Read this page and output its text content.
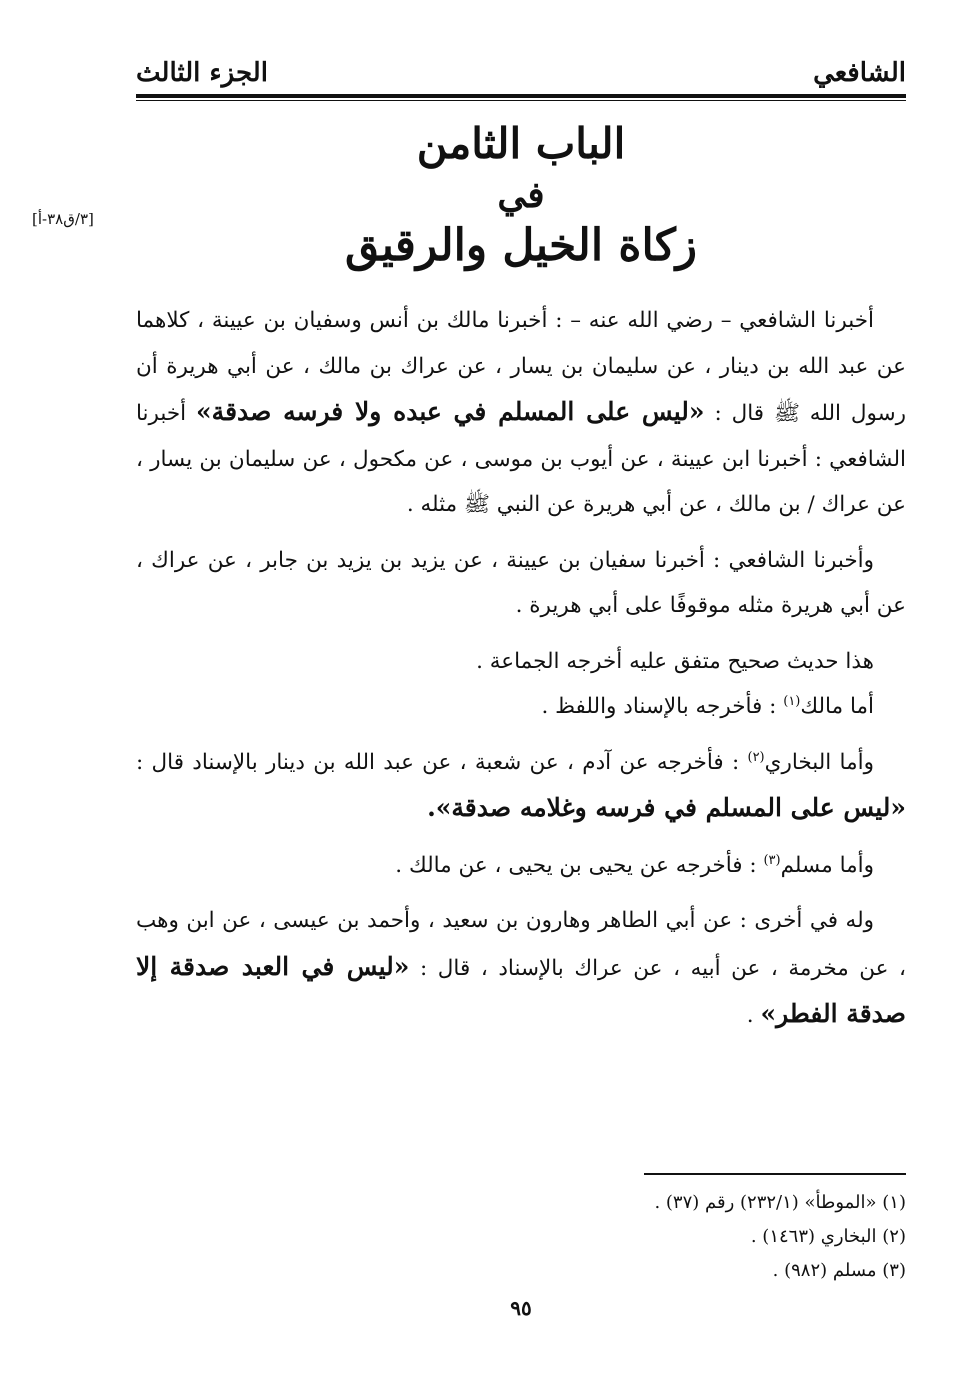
الشافعي
الجزء الثالث
الباب الثامن
في
زكاة الخيل والرقيق
[٣/ق٣٨-أ]

أخبرنا الشافعي – رضي الله عنه – : أخبرنا مالك بن أنس وسفيان بن عيينة ، كلاهما عن عبد الله بن دينار ، عن سليمان بن يسار ، عن عراك بن مالك ، عن أبي هريرة أن رسول الله ﷺ قال : «ليس على المسلم في عبده ولا فرسه صدقة» أخبرنا الشافعي : أخبرنا ابن عيينة ، عن أيوب بن موسى ، عن مكحول ، عن سليمان بن يسار ، عن عراك / بن مالك ، عن أبي هريرة عن النبي ﷺ مثله .

وأخبرنا الشافعي : أخبرنا سفيان بن عيينة ، عن يزيد بن يزيد بن جابر ، عن عراك ، عن أبي هريرة مثله موقوفًا على أبي هريرة .

هذا حديث صحيح متفق عليه أخرجه الجماعة .

أما مالك$^{(١)}$ : فأخرجه بالإسناد واللفظ .

وأما البخاري$^{(٢)}$ : فأخرجه عن آدم ، عن شعبة ، عن عبد الله بن دينار بالإسناد قال : «ليس على المسلم في فرسه وغلامه صدقة».

وأما مسلم$^{(٣)}$ : فأخرجه عن يحيى بن يحيى ، عن مالك .

وله في أخرى : عن أبي الطاهر وهارون بن سعيد ، وأحمد بن عيسى ، عن ابن وهب ، عن مخرمة ، عن أبيه ، عن عراك بالإسناد ، قال : «ليس في العبد صدقة إلا صدقة الفطر» .

(١) «الموطأ» (٢٣٢/١) رقم (٣٧) .
(٢) البخاري (١٤٦٣) .
(٣) مسلم (٩٨٢) .
٩٥
